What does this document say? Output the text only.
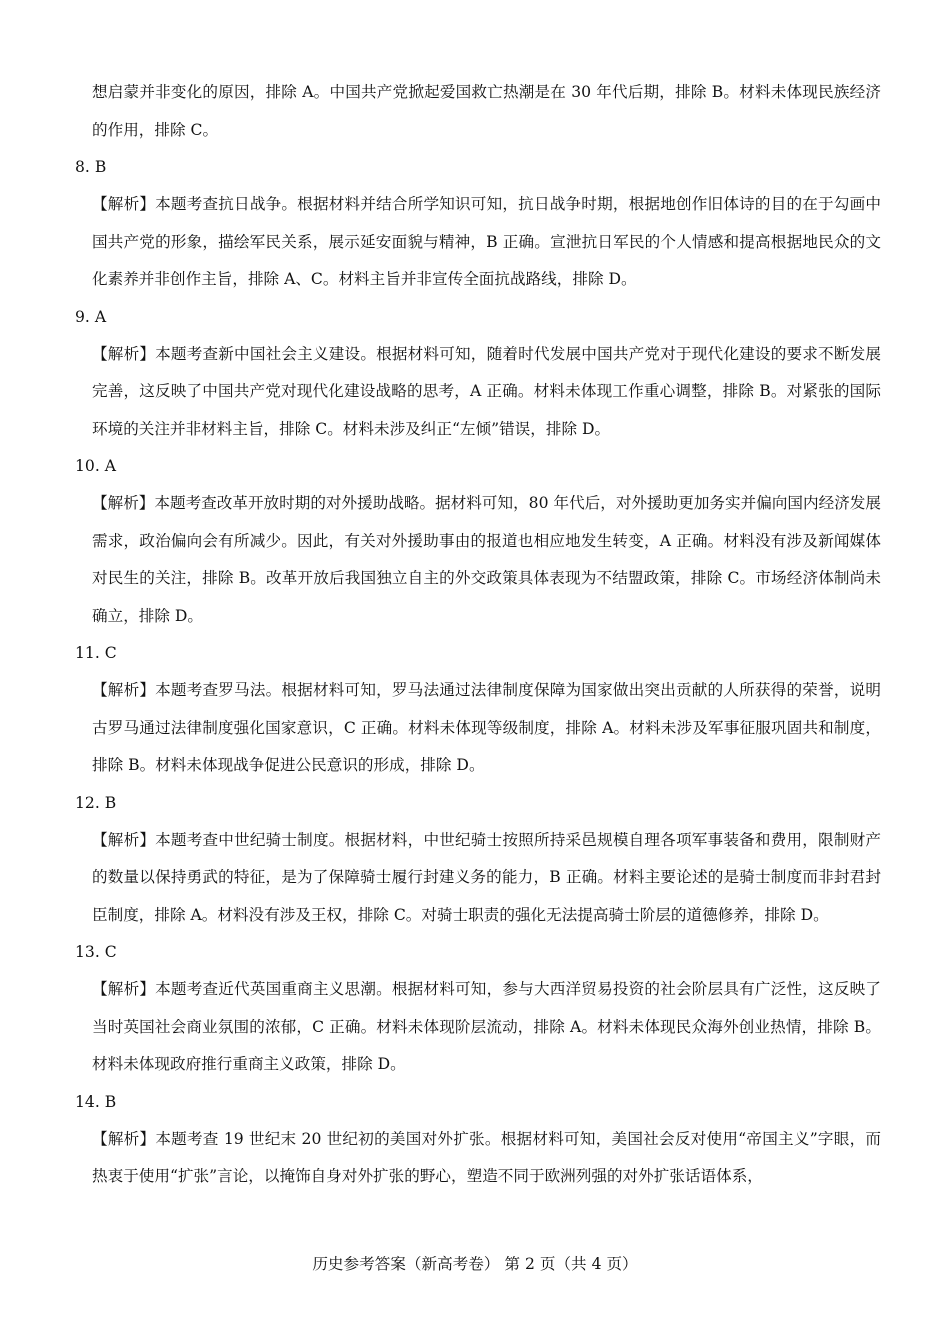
想启蒙并非变化的原因，排除 A。中国共产党掀起爱国救亡热潮是在 30 年代后期，排除 B。材料未体现民族经济的作用，排除 C。

8. B

【解析】本题考查抗日战争。根据材料并结合所学知识可知，抗日战争时期，根据地创作旧体诗的目的在于勾画中国共产党的形象，描绘军民关系，展示延安面貌与精神，B 正确。宣泄抗日军民的个人情感和提高根据地民众的文化素养并非创作主旨，排除 A、C。材料主旨并非宣传全面抗战路线，排除 D。

9. A

【解析】本题考查新中国社会主义建设。根据材料可知，随着时代发展中国共产党对于现代化建设的要求不断发展完善，这反映了中国共产党对现代化建设战略的思考，A 正确。材料未体现工作重心调整，排除 B。对紧张的国际环境的关注并非材料主旨，排除 C。材料未涉及纠正“左倾”错误，排除 D。

10. A

【解析】本题考查改革开放时期的对外援助战略。据材料可知，80 年代后，对外援助更加务实并偏向国内经济发展需求，政治偏向会有所减少。因此，有关对外援助事由的报道也相应地发生转变，A 正确。材料没有涉及新闻媒体对民生的关注，排除 B。改革开放后我国独立自主的外交政策具体表现为不结盟政策，排除 C。市场经济体制尚未确立，排除 D。

11. C

【解析】本题考查罗马法。根据材料可知，罗马法通过法律制度保障为国家做出突出贡献的人所获得的荣誉，说明古罗马通过法律制度强化国家意识，C 正确。材料未体现等级制度，排除 A。材料未涉及军事征服巩固共和制度，排除 B。材料未体现战争促进公民意识的形成，排除 D。

12. B

【解析】本题考查中世纪骑士制度。根据材料，中世纪骑士按照所持采邑规模自理各项军事装备和费用，限制财产的数量以保持勇武的特征，是为了保障骑士履行封建义务的能力，B 正确。材料主要论述的是骑士制度而非封君封臣制度，排除 A。材料没有涉及王权，排除 C。对骑士职责的强化无法提高骑士阶层的道德修养，排除 D。

13. C

【解析】本题考查近代英国重商主义思潮。根据材料可知，参与大西洋贸易投资的社会阶层具有广泛性，这反映了当时英国社会商业氛围的浓郁，C 正确。材料未体现阶层流动，排除 A。材料未体现民众海外创业热情，排除 B。材料未体现政府推行重商主义政策，排除 D。

14. B

【解析】本题考查 19 世纪末 20 世纪初的美国对外扩张。根据材料可知，美国社会反对使用“帝国主义”字眼，而热衷于使用“扩张”言论，以掩饰自身对外扩张的野心，塑造不同于欧洲列强的对外扩张话语体系，

历史参考答案（新高考卷） 第 2 页（共 4 页）
